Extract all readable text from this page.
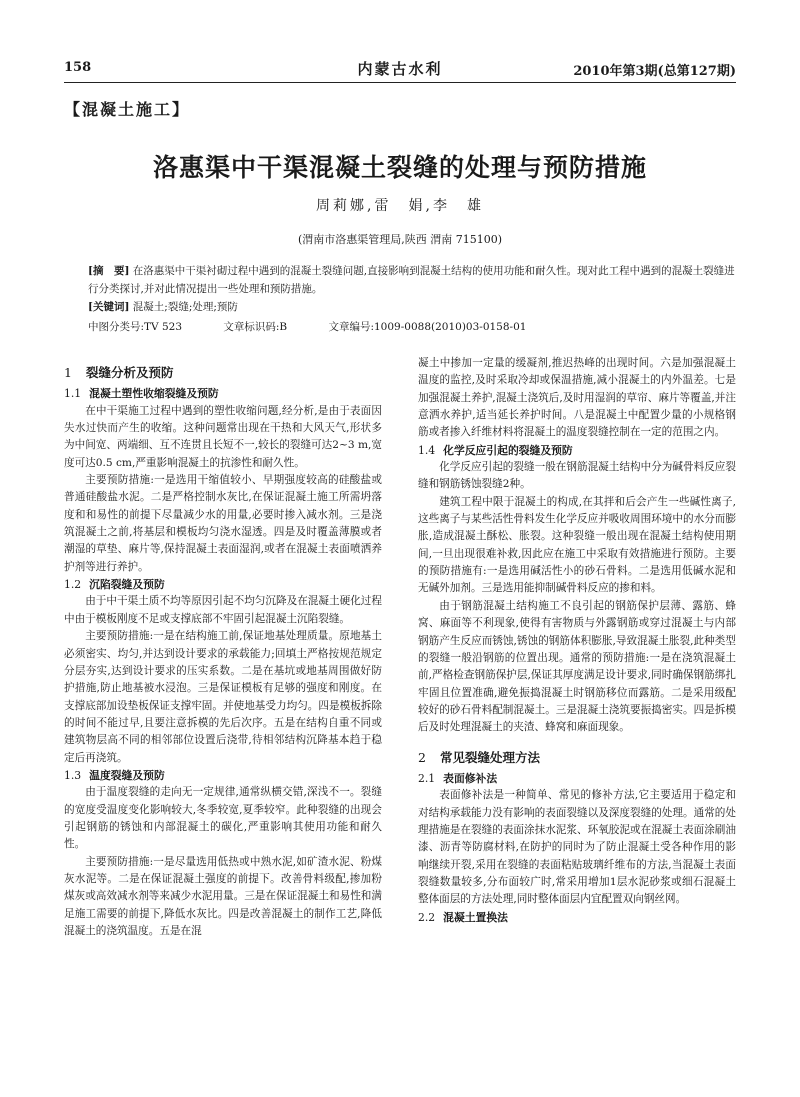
158	内蒙古水利	2010年第3期(总第127期)
【混凝土施工】
洛惠渠中干渠混凝土裂缝的处理与预防措施
周莉娜,雷　娟,李　雄
(渭南市洛惠渠管理局,陕西 渭南 715100)
[摘　要] 在洛惠渠中干渠衬砌过程中遇到的混凝土裂缝问题,直接影响到混凝土结构的使用功能和耐久性。现对此工程中遇到的混凝土裂缝进行分类探讨,并对此情况提出一些处理和预防措施。
[关键词] 混凝土;裂缝;处理;预防
中图分类号:TV 523	文章标识码:B	文章编号:1009-0088(2010)03-0158-01
1 裂缝分析及预防
1.1 混凝土塑性收缩裂缝及预防

在中干渠施工过程中遇到的塑性收缩问题,经分析,是由于表面因失水过快而产生的收缩。这种问题常出现在干热和大风天气,形状多为中间宽、两端细、互不连贯且长短不一,较长的裂缝可达2~3 m,宽度可达0.5 cm,严重影响混凝土的抗渗性和耐久性。

主要预防措施:一是选用干缩值较小、早期强度较高的硅酸盐或普通硅酸盐水泥。二是严格控制水灰比,在保证混凝土施工所需坍落度和和易性的前提下尽量减少水的用量,必要时掺入减水剂。三是浇筑混凝土之前,将基层和模板均匀浇水湿透。四是及时覆盖薄膜或者潮湿的草垫、麻片等,保持混凝土表面湿润,或者在混凝土表面喷洒养护剂等进行养护。

1.2 沉陷裂缝及预防

由于中干渠土质不均等原因引起不均匀沉降及在混凝土硬化过程中由于模板刚度不足或支撑底部不牢固引起混凝土沉陷裂缝。

主要预防措施:一是在结构施工前,保证地基处理质量。原地基土必须密实、均匀,并达到设计要求的承载能力;回填土严格按规范规定分层夯实,达到设计要求的压实系数。二是在基坑或地基周围做好防护措施,防止地基被水浸泡。三是保证模板有足够的强度和刚度。在支撑底部加设垫板保证支撑牢固。并使地基受力均匀。四是模板拆除的时间不能过早,且要注意拆模的先后次序。五是在结构自重不同或建筑物层高不同的相邻部位设置后浇带,待相邻结构沉降基本趋于稳定后再浇筑。

1.3 温度裂缝及预防

由于温度裂缝的走向无一定规律,通常纵横交错,深浅不一。裂缝的宽度受温度变化影响较大,冬季较宽,夏季较窄。此种裂缝的出现会引起钢筋的锈蚀和内部混凝土的碳化,严重影响其使用功能和耐久性。

主要预防措施:一是尽量选用低热或中熟水泥,如矿渣水泥、粉煤灰水泥等。二是在保证混凝土强度的前提下。改善骨料级配,掺加粉煤灰或高效减水剂等来减少水泥用量。三是在保证混凝土和易性和满足施工需要的前提下,降低水灰比。四是改善混凝土的制作工艺,降低混凝土的浇筑温度。五是在混

凝土中掺加一定量的缓凝剂,推迟热峰的出现时间。六是加强混凝土温度的监控,及时采取冷却或保温措施,减小混凝土的内外温差。七是加强混凝土养护,混凝土浇筑后,及时用湿润的草帘、麻片等覆盖,并注意洒水养护,适当延长养护时间。八是混凝土中配置少量的小规格钢筋或者掺入纤维材料将混凝土的温度裂缝控制在一定的范围之内。

1.4 化学反应引起的裂缝及预防

化学反应引起的裂缝一般在钢筋混凝土结构中分为碱骨料反应裂缝和钢筋锈蚀裂缝2种。

建筑工程中限于混凝土的构成,在其拌和后会产生一些碱性离子,这些离子与某些活性骨料发生化学反应并吸收周围环境中的水分而膨胀,造成混凝土酥松、胀裂。这种裂缝一般出现在混凝土结构使用期间,一旦出现很难补救,因此应在施工中采取有效措施进行预防。主要的预防措施有:一是选用碱活性小的砂石骨料。二是选用低碱水泥和无碱外加剂。三是选用能抑制碱骨料反应的掺和料。

由于钢筋混凝土结构施工不良引起的钢筋保护层薄、露筋、蜂窝、麻面等不利现象,使得有害物质与外露钢筋或穿过混凝土与内部钢筋产生反应而锈蚀,锈蚀的钢筋体积膨胀,导致混凝土胀裂,此种类型的裂缝一般沿钢筋的位置出现。通常的预防措施:一是在浇筑混凝土前,严格检查钢筋保护层,保证其厚度满足设计要求,同时确保钢筋绑扎牢固且位置准确,避免振捣混凝土时钢筋移位而露筋。二是采用级配较好的砂石骨料配制混凝土。三是混凝土浇筑要振捣密实。四是拆模后及时处理混凝土的夹渣、蜂窝和麻面现象。

2 常见裂缝处理方法
2.1 表面修补法

表面修补法是一种简单、常见的修补方法,它主要适用于稳定和对结构承载能力没有影响的表面裂缝以及深度裂缝的处理。通常的处理措施是在裂缝的表面涂抹水泥浆、环氧胶泥或在混凝土表面涂刷油漆、沥青等防腐材料,在防护的同时为了防止混凝土受各种作用的影响继续开裂,采用在裂缝的表面粘贴玻璃纤维布的方法,当混凝土表面裂缝数量较多,分布面较广时,常采用增加1层水泥砂浆或细石混凝土整体面层的方法处理,同时整体面层内宜配置双向钢丝网。

2.2 混凝土置换法
